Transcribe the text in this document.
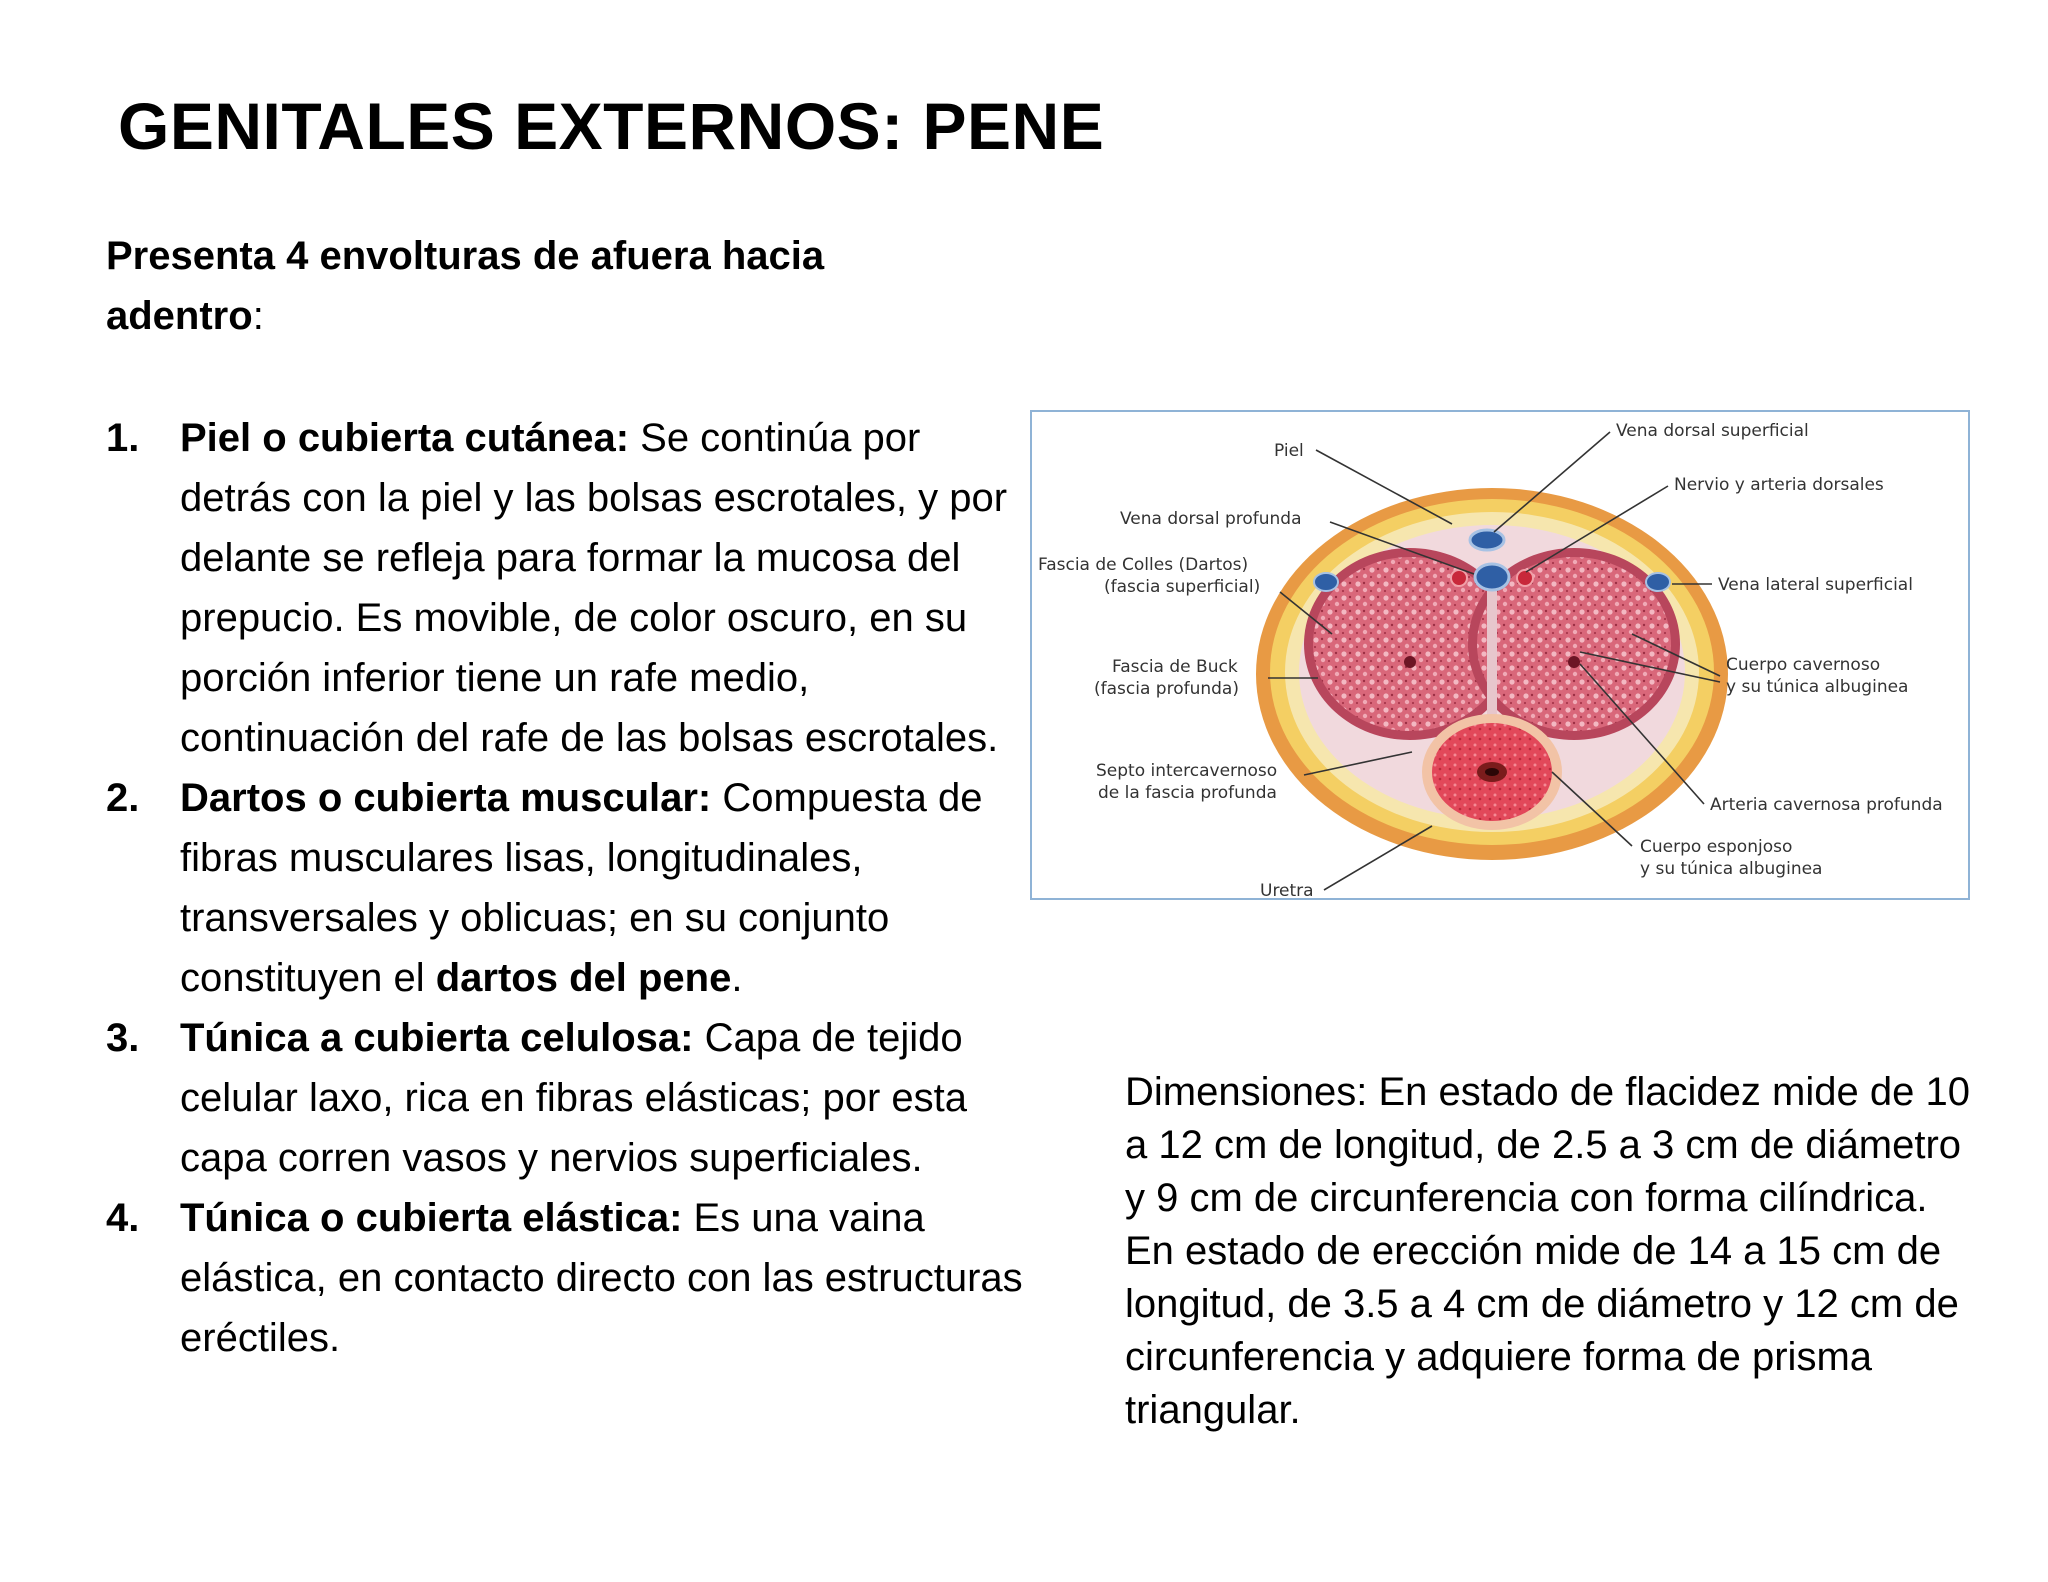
GENITALES EXTERNOS: PENE
Presenta 4 envolturas de afuera hacia adentro:
1. Piel o cubierta cutánea: Se continúa por detrás con la piel y las bolsas escrotales, y por delante se refleja para formar la mucosa del prepucio. Es movible, de color oscuro, en su porción inferior tiene un rafe medio, continuación del rafe de las bolsas escrotales.
2. Dartos o cubierta muscular: Compuesta de fibras musculares lisas, longitudinales, transversales y oblicuas; en su conjunto constituyen el dartos del pene.
3. Túnica a cubierta celulosa: Capa de tejido celular laxo, rica en fibras elásticas; por esta capa corren vasos y nervios superficiales.
4. Túnica o cubierta elástica: Es una vaina elástica, en contacto directo con las estructuras eréctiles.
Piel
Vena dorsal profunda
Fascia de Colles (Dartos)
(fascia superficial)
Fascia de Buck
(fascia profunda)
Septo intercavernoso
de la fascia profunda
Uretra
Vena dorsal superficial
Nervio y arteria dorsales
Vena lateral superficial
Cuerpo cavernoso
y su túnica albuginea
Arteria cavernosa profunda
Cuerpo esponjoso
y su túnica albuginea

Dimensiones: En estado de flacidez mide de 10 a 12 cm de longitud, de 2.5 a 3 cm de diámetro y 9 cm de circunferencia con forma cilíndrica. En estado de erección mide de 14 a 15 cm de longitud, de 3.5 a 4 cm de diámetro y 12 cm de circunferencia y adquiere forma de prisma triangular.
